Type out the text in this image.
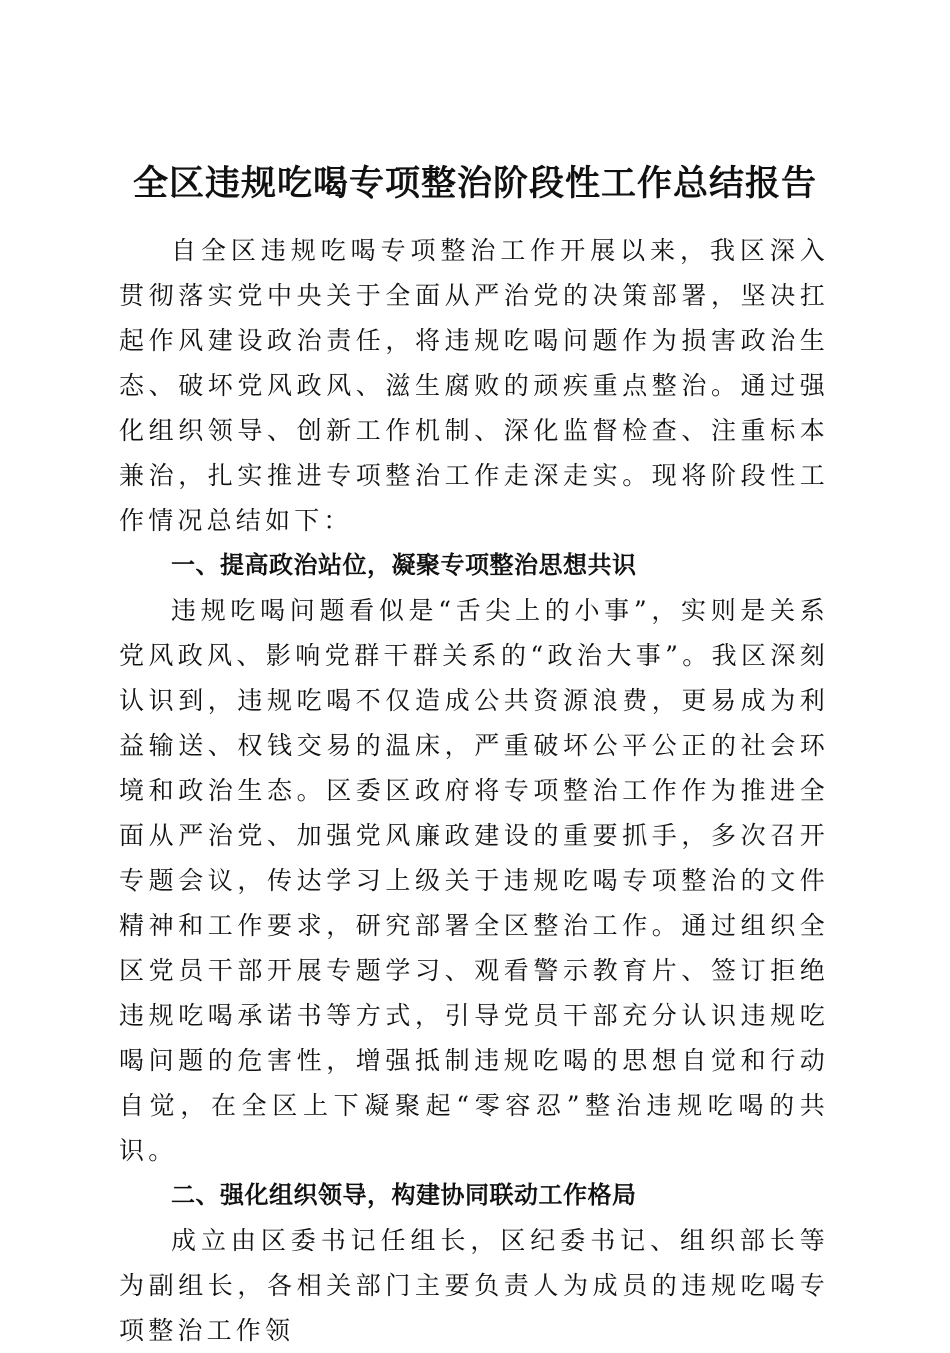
全区违规吃喝专项整治阶段性工作总结报告

自全区违规吃喝专项整治工作开展以来，我区深入贯彻落实党中央关于全面从严治党的决策部署，坚决扛起作风建设政治责任，将违规吃喝问题作为损害政治生态、破坏党风政风、滋生腐败的顽疾重点整治。通过强化组织领导、创新工作机制、深化监督检查、注重标本兼治，扎实推进专项整治工作走深走实。现将阶段性工作情况总结如下：

一、提高政治站位，凝聚专项整治思想共识

违规吃喝问题看似是“舌尖上的小事”，实则是关系党风政风、影响党群干群关系的“政治大事”。我区深刻认识到，违规吃喝不仅造成公共资源浪费，更易成为利益输送、权钱交易的温床，严重破坏公平公正的社会环境和政治生态。区委区政府将专项整治工作作为推进全面从严治党、加强党风廉政建设的重要抓手，多次召开专题会议，传达学习上级关于违规吃喝专项整治的文件精神和工作要求，研究部署全区整治工作。通过组织全区党员干部开展专题学习、观看警示教育片、签订拒绝违规吃喝承诺书等方式，引导党员干部充分认识违规吃喝问题的危害性，增强抵制违规吃喝的思想自觉和行动自觉，在全区上下凝聚起“零容忍”整治违规吃喝的共识。

二、强化组织领导，构建协同联动工作格局

成立由区委书记任组长，区纪委书记、组织部长等为副组长，各相关部门主要负责人为成员的违规吃喝专项整治工作领
